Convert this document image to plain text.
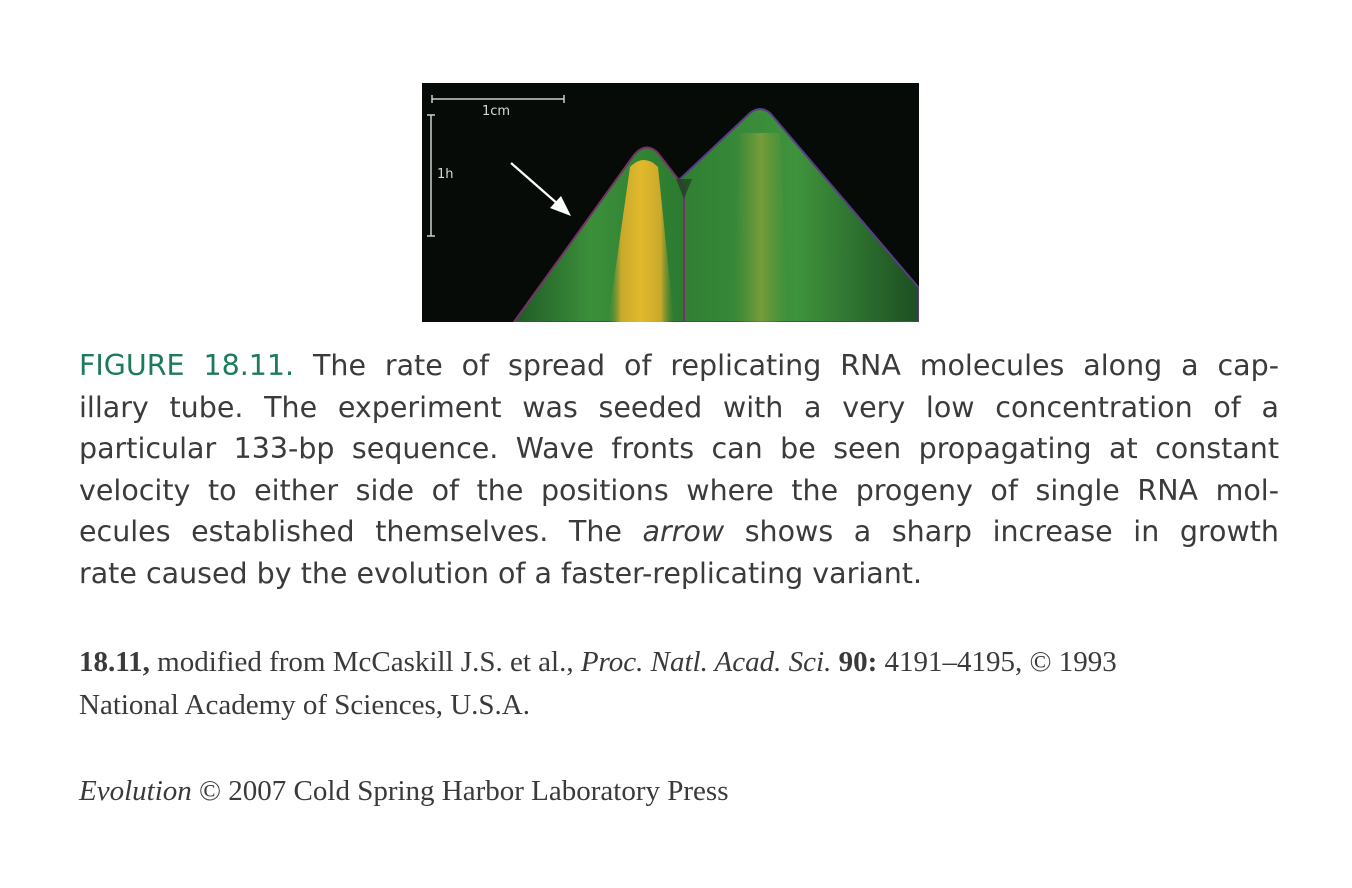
1cm
1h

FIGURE 18.11. The rate of spread of replicating RNA molecules along a cap-
illary tube. The experiment was seeded with a very low concentration of a
particular 133-bp sequence. Wave fronts can be seen propagating at constant
velocity to either side of the positions where the progeny of single RNA mol-
ecules established themselves. The arrow shows a sharp increase in growth
rate caused by the evolution of a faster-replicating variant.

18.11, modified from McCaskill J.S. et al., Proc. Natl. Acad. Sci. 90: 4191–4195, © 1993
National Academy of Sciences, U.S.A.

Evolution © 2007 Cold Spring Harbor Laboratory Press
